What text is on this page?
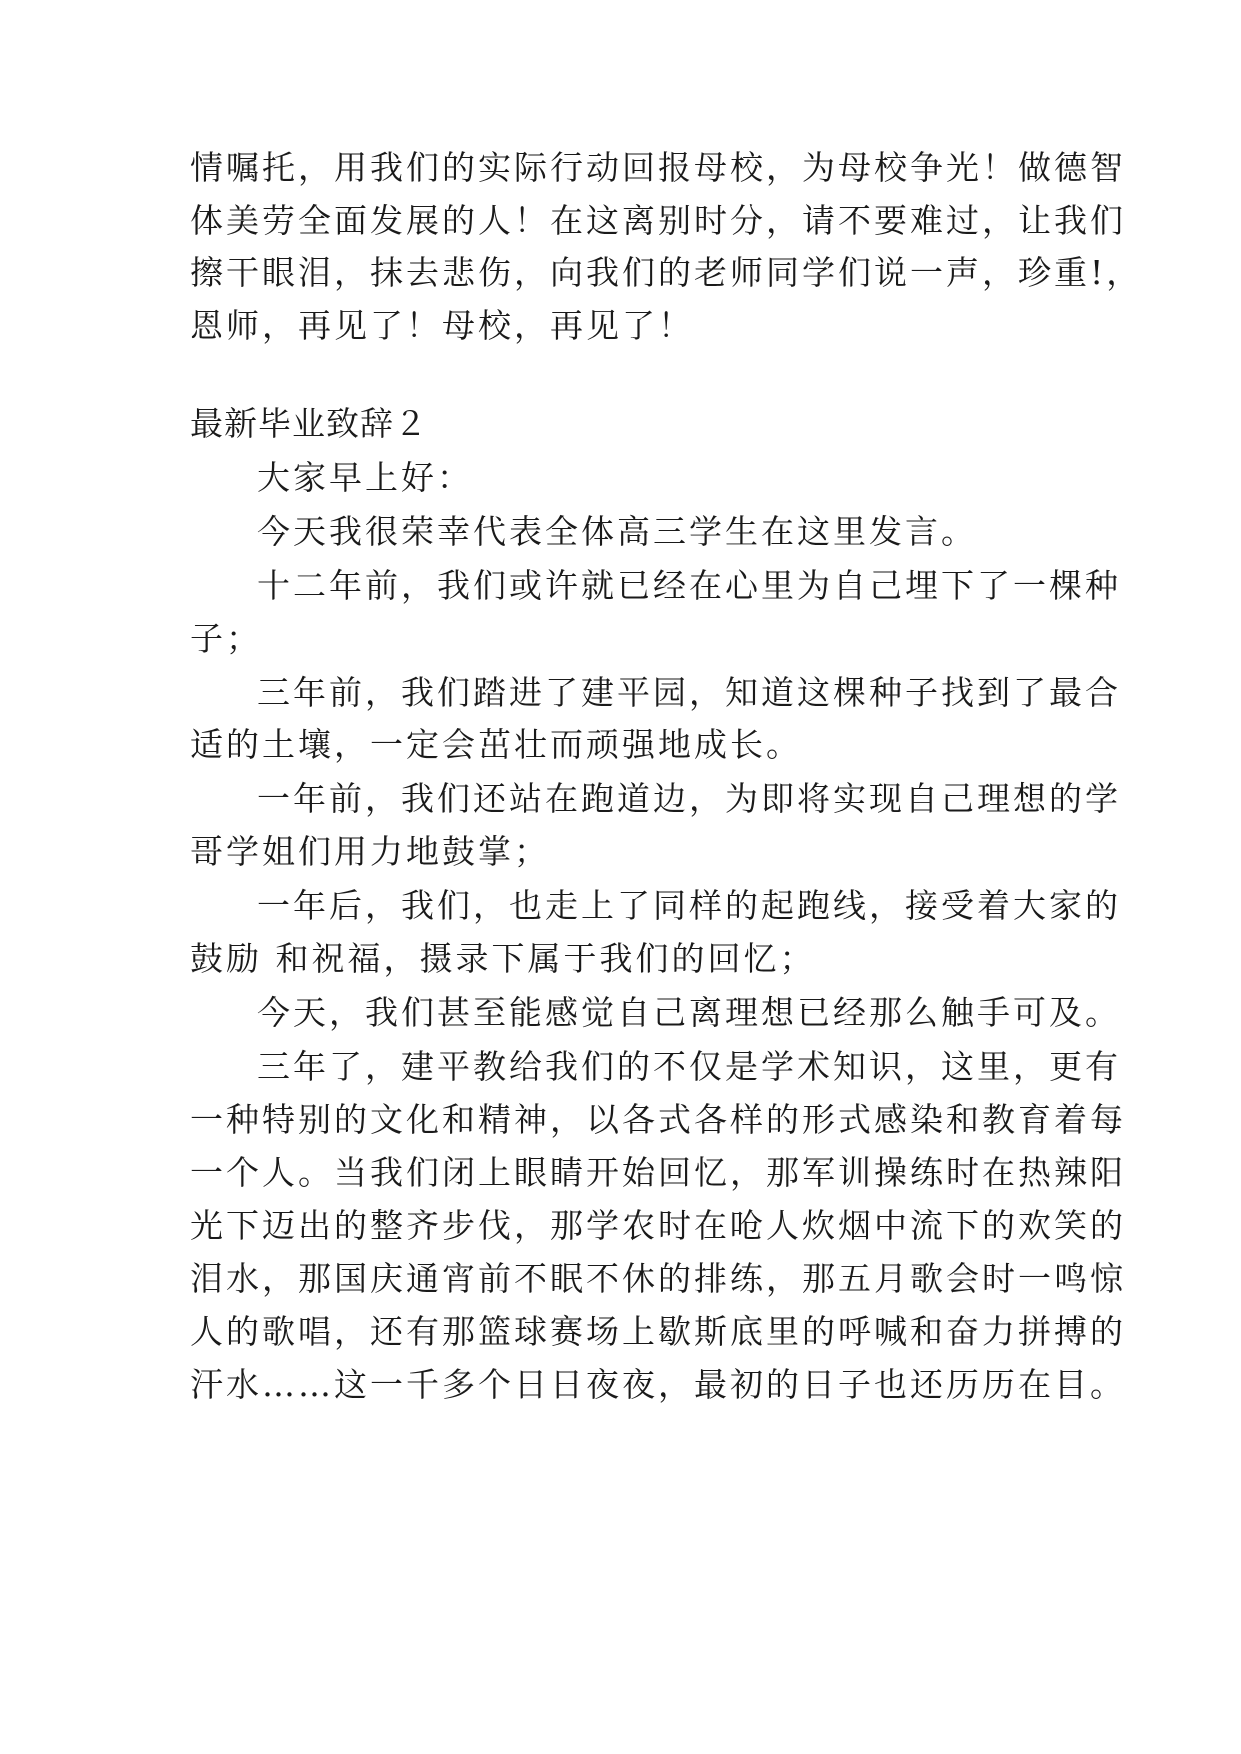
情嘱托，用我们的实际行动回报母校，为母校争光！做德智
体美劳全面发展的人！在这离别时分，请不要难过，让我们
擦干眼泪，抹去悲伤，向我们的老师同学们说一声，珍重!，
恩师，再见了！母校，再见了！
最新毕业致辞２
大家早上好：
今天我很荣幸代表全体高三学生在这里发言。
十二年前，我们或许就已经在心里为自己埋下了一棵种
子；
三年前，我们踏进了建平园，知道这棵种子找到了最合
适的土壤，一定会茁壮而顽强地成长。
一年前，我们还站在跑道边，为即将实现自己理想的学
哥学姐们用力地鼓掌；
一年后，我们，也走上了同样的起跑线，接受着大家的
鼓励 和祝福，摄录下属于我们的回忆；
今天，我们甚至能感觉自己离理想已经那么触手可及。
三年了，建平教给我们的不仅是学术知识，这里，更有
一种特别的文化和精神，以各式各样的形式感染和教育着每
一个人。当我们闭上眼睛开始回忆，那军训操练时在热辣阳
光下迈出的整齐步伐，那学农时在呛人炊烟中流下的欢笑的
泪水，那国庆通宵前不眠不休的排练，那五月歌会时一鸣惊
人的歌唱，还有那篮球赛场上歇斯底里的呼喊和奋力拼搏的
汗水……这一千多个日日夜夜，最初的日子也还历历在目。
